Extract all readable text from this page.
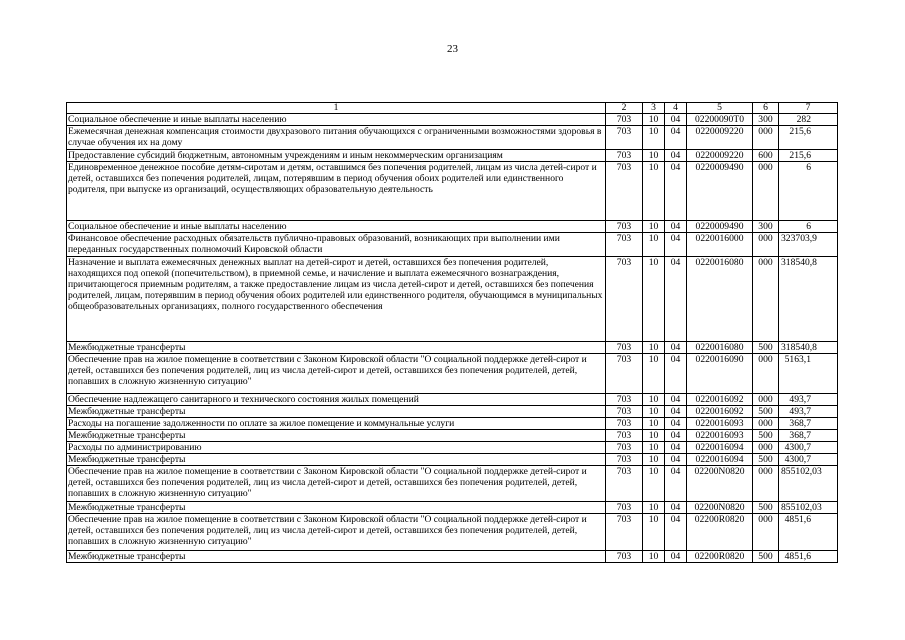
23
1	2	3	4	5	6	7
Социальное обеспечение и иные выплаты населению	703	10	04	02200090Т0	300	282
Ежемесячная денежная компенсация стоимости двухразового питания обучающихся с ограниченными возможностями здоровья в случае обучения их на дому	703	10	04	0220009220	000	215,6
Предоставление субсидий бюджетным, автономным учреждениям и иным некоммерческим организациям	703	10	04	0220009220	600	215,6
Единовременное денежное пособие детям-сиротам и детям, оставшимся без попечения родителей, лицам из числа детей-сирот и детей, оставшихся без попечения родителей, лицам, потерявшим в период обучения обоих родителей или единственного родителя, при выпуске из организаций, осуществляющих образовательную деятельность	703	10	04	0220009490	000	6
Социальное обеспечение и иные выплаты населению	703	10	04	0220009490	300	6
Финансовое обеспечение расходных обязательств публично-правовых образований, возникающих при выполнении ими переданных государственных полномочий Кировской области	703	10	04	0220016000	000	323703,9
Назначение и выплата ежемесячных денежных выплат на детей-сирот и детей, оставшихся без попечения родителей, находящихся под опекой (попечительством), в приемной семье, и начисление и выплата ежемесячного вознаграждения, причитающегося приемным родителям, а также предоставление лицам из числа детей-сирот и детей, оставшихся без попечения родителей, лицам, потерявшим в период обучения обоих родителей или единственного родителя, обучающимся в муниципальных общеобразовательных организациях, полного государственного обеспечения	703	10	04	0220016080	000	318540,8
Межбюджетные трансферты	703	10	04	0220016080	500	318540,8
Обеспечение прав на жилое помещение в соответствии с Законом Кировской области "О социальной поддержке детей-сирот и детей, оставшихся без попечения родителей, лиц из числа детей-сирот и детей, оставшихся без попечения родителей, детей, попавших в сложную жизненную ситуацию"	703	10	04	0220016090	000	5163,1
Обеспечение надлежащего санитарного и технического состояния жилых помещений	703	10	04	0220016092	000	493,7
Межбюджетные трансферты	703	10	04	0220016092	500	493,7
Расходы на погашение задолженности по оплате за жилое помещение и коммунальные услуги	703	10	04	0220016093	000	368,7
Межбюджетные трансферты	703	10	04	0220016093	500	368,7
Расходы по администрированию	703	10	04	0220016094	000	4300,7
Межбюджетные трансферты	703	10	04	0220016094	500	4300,7
Обеспечение прав на жилое помещение в соответствии с Законом Кировской области "О социальной поддержке детей-сирот и детей, оставшихся без попечения родителей, лиц из числа детей-сирот и детей, оставшихся без попечения родителей, детей, попавших в сложную жизненную ситуацию"	703	10	04	02200N0820	000	855102,03
Межбюджетные трансферты	703	10	04	02200N0820	500	855102,03
Обеспечение прав на жилое помещение в соответствии с Законом Кировской области "О социальной поддержке детей-сирот и детей, оставшихся без попечения родителей, лиц из числа детей-сирот и детей, оставшихся без попечения родителей, детей, попавших в сложную жизненную ситуацию"	703	10	04	02200R0820	000	4851,6
Межбюджетные трансферты	703	10	04	02200R0820	500	4851,6
